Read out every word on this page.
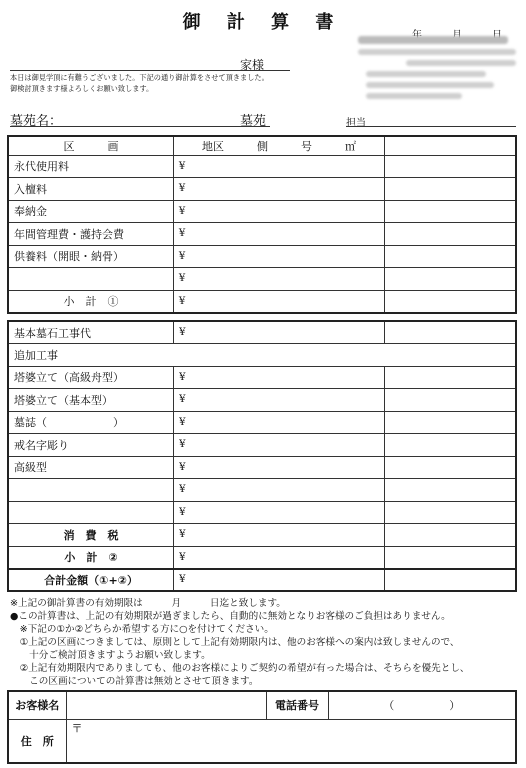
御 計 算 書
家様
本日は御見学頂に有難うございました。下記の通り御計算をさせて頂きました。
御検討頂きます様よろしくお願い致します。
墓苑名：	墓苑	担当
区　　　画	地区　　　側　　　号　　　㎡	
永代使用料	¥	
入檀料	¥	
奉納金	¥	
年間管理費・護持会費	¥	
供養料（開眼・納骨）	¥	
	¥	
小　計　①	¥	
基本墓石工事代	¥	
追加工事		
塔婆立て（高級舟型）	¥	
塔婆立て（基本型）	¥	
墓誌（　　　　　　）	¥	
戒名字彫り	¥	
高級型	¥	
	¥	
	¥	
消　費　税	¥	
小　計　②	¥	
合計金額（①+②）	¥	
※上記の御計算書の有効期限は　　　月　　　日迄と致します。
●この計算書は、上記の有効期限が過ぎましたら、自動的に無効となりお客様のご負担はありません。
　※下記の①か②どちらか希望する方に○を付けてください。
　①上記の区画につきましては、原則として上記有効期限内は、他のお客様への案内は致しませんので、
　　十分ご検討頂きますようお願い致します。
　②上記有効期限内でありましても、他のお客様によりご契約の希望が有った場合は、そちらを優先とし、
　　この区画についての計算書は無効とさせて頂きます。
お客様名		電話番号	（　　　　　）
住　所	〒		
